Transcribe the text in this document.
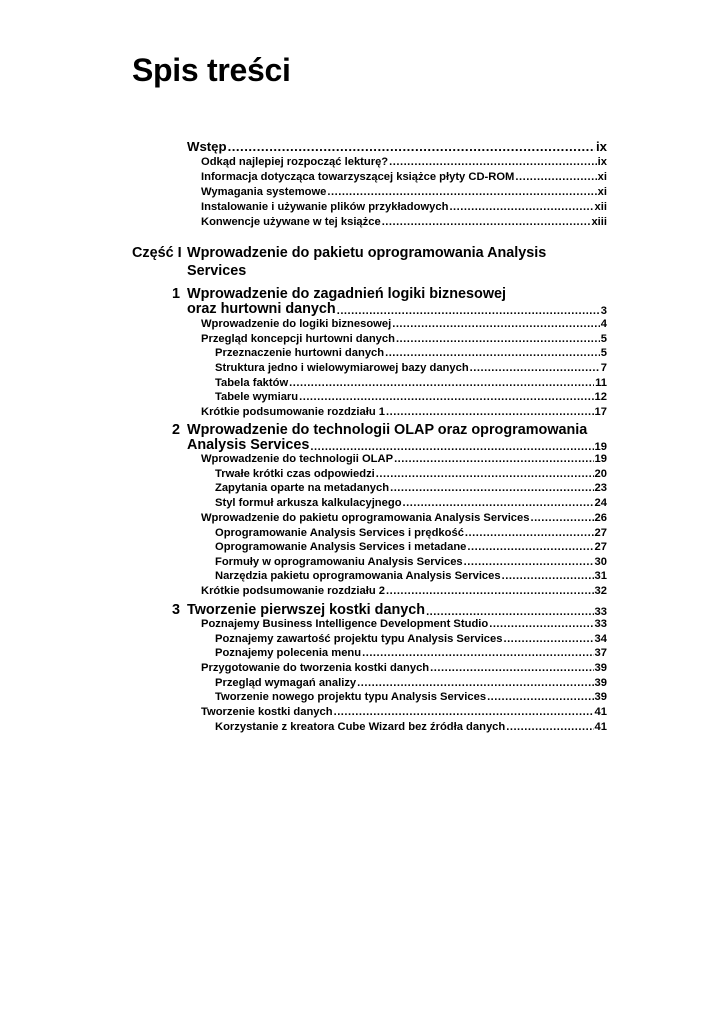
Spis treści
Wstęp .....	ix
Odkąd najlepiej rozpocząć lekturę? .....	ix
Informacja dotycząca towarzyszącej książce płyty CD-ROM .....	xi
Wymagania systemowe .....	xi
Instalowanie i używanie plików przykładowych .....	xii
Konwencje używane w tej książce .....	xiii
Część I Wprowadzenie do pakietu oprogramowania Analysis Services
1 Wprowadzenie do zagadnień logiki biznesowej
oraz hurtowni danych .....	3
Wprowadzenie do logiki biznesowej .....	4
Przegląd koncepcji hurtowni danych .....	5
Przeznaczenie hurtowni danych .....	5
Struktura jedno i wielowymiarowej bazy danych .....	7
Tabela faktów .....	11
Tabele wymiaru .....	12
Krótkie podsumowanie rozdziału 1 .....	17
2 Wprowadzenie do technologii OLAP oraz oprogramowania
Analysis Services .....	19
Wprowadzenie do technologii OLAP .....	19
Trwałe krótki czas odpowiedzi .....	20
Zapytania oparte na metadanych .....	23
Styl formuł arkusza kalkulacyjnego .....	24
Wprowadzenie do pakietu oprogramowania Analysis Services .....	26
Oprogramowanie Analysis Services i prędkość .....	27
Oprogramowanie Analysis Services i metadane .....	27
Formuły w oprogramowaniu Analysis Services .....	30
Narzędzia pakietu oprogramowania Analysis Services .....	31
Krótkie podsumowanie rozdziału 2 .....	32
3 Tworzenie pierwszej kostki danych .....	33
Poznajemy Business Intelligence Development Studio .....	33
Poznajemy zawartość projektu typu Analysis Services .....	34
Poznajemy polecenia menu .....	37
Przygotowanie do tworzenia kostki danych .....	39
Przegląd wymagań analizy .....	39
Tworzenie nowego projektu typu Analysis Services .....	39
Tworzenie kostki danych .....	41
Korzystanie z kreatora Cube Wizard bez źródła danych .....	41
